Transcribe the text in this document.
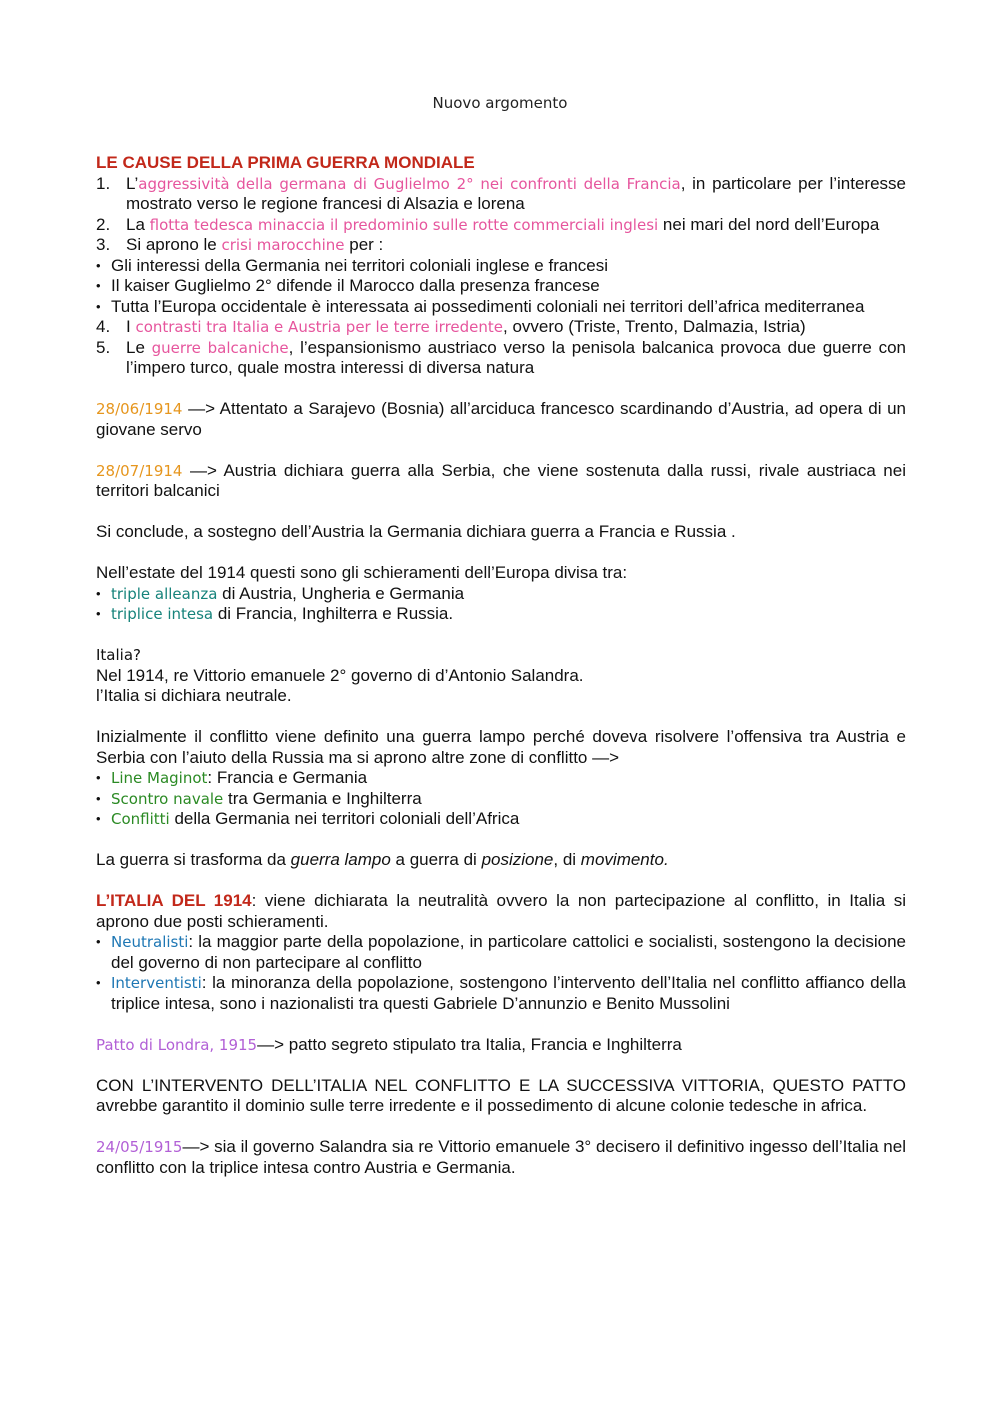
Nuovo argomento

LE CAUSE DELLA PRIMA GUERRA MONDIALE

1. L’aggressività della germana di Guglielmo 2° nei confronti della Francia, in particolare per l’interesse mostrato verso le regione francesi di Alsazia e lorena
2. La flotta tedesca minaccia il predominio sulle rotte commerciali inglesi nei mari del nord dell’Europa
3. Si aprono le crisi marocchine per :
• Gli interessi della Germania nei territori coloniali inglese e francesi
• Il kaiser Guglielmo 2° difende il Marocco dalla presenza francese
• Tutta l’Europa occidentale è interessata ai possedimenti coloniali nei territori dell’africa mediterranea
4. I contrasti tra Italia e Austria per le terre irredente, ovvero (Triste, Trento, Dalmazia, Istria)
5. Le guerre balcaniche, l’espansionismo austriaco verso la penisola balcanica provoca due guerre con l’impero turco, quale mostra interessi di diversa natura

28/06/1914 —> Attentato a Sarajevo (Bosnia) all’arciduca francesco scardinando d’Austria, ad opera di un giovane servo

28/07/1914 —> Austria dichiara guerra alla Serbia, che viene sostenuta dalla russi, rivale austriaca nei territori balcanici

Si conclude, a sostegno dell’Austria la Germania dichiara guerra a Francia e Russia .

Nell’estate del 1914 questi sono gli schieramenti dell’Europa divisa tra:

• triple alleanza di Austria, Ungheria e Germania
• triplice intesa di Francia, Inghilterra e Russia.

Italia?

Nel 1914, re Vittorio emanuele 2° governo di d’Antonio Salandra.

l’Italia si dichiara neutrale.

Inizialmente il conflitto viene definito una guerra lampo perché doveva risolvere l’offensiva tra Austria e Serbia con l’aiuto della Russia ma si aprono altre zone di conflitto —>

• Line Maginot: Francia e Germania
• Scontro navale tra Germania e Inghilterra
• Conflitti della Germania nei territori coloniali dell’Africa

La guerra si trasforma da guerra lampo a guerra di posizione, di movimento.

L’ITALIA DEL 1914: viene dichiarata la neutralità ovvero la non partecipazione al conflitto, in Italia si aprono due posti schieramenti.

• Neutralisti: la maggior parte della popolazione, in particolare cattolici e socialisti, sostengono la decisione del governo di non partecipare al conflitto
• Interventisti: la minoranza della popolazione, sostengono l’intervento dell’Italia nel conflitto affianco della triplice intesa, sono i nazionalisti tra questi Gabriele D’annunzio e Benito Mussolini

Patto di Londra, 1915—> patto segreto stipulato tra Italia, Francia e Inghilterra

CON L’INTERVENTO DELL’ITALIA NEL CONFLITTO E LA SUCCESSIVA VITTORIA, QUESTO PATTO avrebbe garantito il dominio sulle terre irredente e il possedimento di alcune colonie tedesche in africa.

24/05/1915—> sia il governo Salandra sia re Vittorio emanuele 3° decisero il definitivo ingesso dell’Italia nel conflitto con la triplice intesa contro Austria e Germania.
